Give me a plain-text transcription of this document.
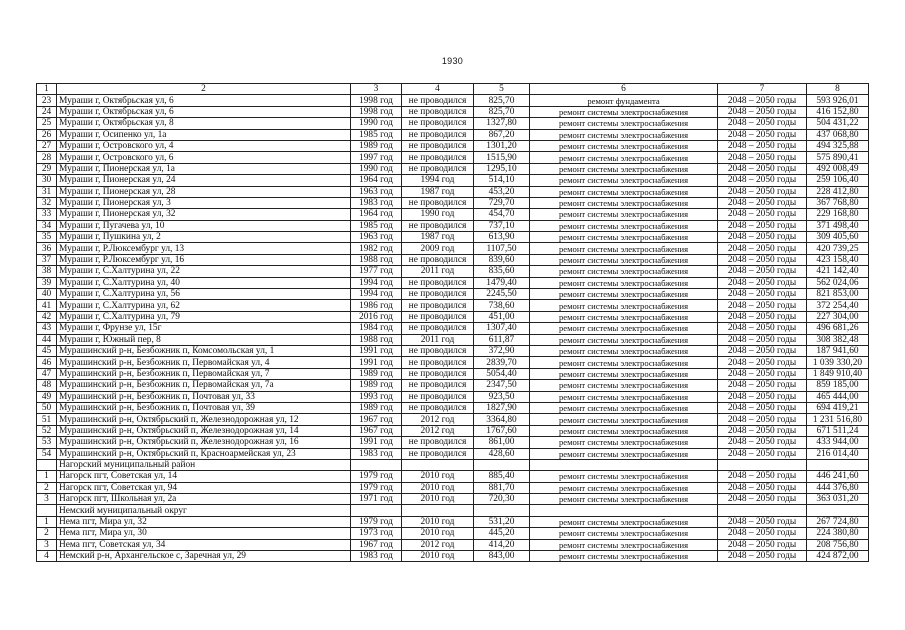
1930
1	2	3	4	5	6	7	8
23	Мураши г, Октябрьская ул, 6	1998 год	не проводился	825,70	ремонт фундамента	2048 – 2050 годы	593 926,01
24	Мураши г, Октябрьская ул, 6	1998 год	не проводился	825,70	ремонт системы электроснабжения	2048 – 2050 годы	416 152,80
25	Мураши г, Октябрьская ул, 8	1990 год	не проводился	1327,80	ремонт системы электроснабжения	2048 – 2050 годы	504 431,22
26	Мураши г, Осипенко ул, 1а	1985 год	не проводился	867,20	ремонт системы электроснабжения	2048 – 2050 годы	437 068,80
27	Мураши г, Островского ул, 4	1989 год	не проводился	1301,20	ремонт системы электроснабжения	2048 – 2050 годы	494 325,88
28	Мураши г, Островского ул, 6	1997 год	не проводился	1515,90	ремонт системы электроснабжения	2048 – 2050 годы	575 890,41
29	Мураши г, Пионерская ул, 1а	1990 год	не проводился	1295,10	ремонт системы электроснабжения	2048 – 2050 годы	492 008,49
30	Мураши г, Пионерская ул, 24	1964 год	1994 год	514,10	ремонт системы электроснабжения	2048 – 2050 годы	259 106,40
31	Мураши г, Пионерская ул, 28	1963 год	1987 год	453,20	ремонт системы электроснабжения	2048 – 2050 годы	228 412,80
32	Мураши г, Пионерская ул, 3	1983 год	не проводился	729,70	ремонт системы электроснабжения	2048 – 2050 годы	367 768,80
33	Мураши г, Пионерская ул, 32	1964 год	1990 год	454,70	ремонт системы электроснабжения	2048 – 2050 годы	229 168,80
34	Мураши г, Пугачева ул, 10	1985 год	не проводился	737,10	ремонт системы электроснабжения	2048 – 2050 годы	371 498,40
35	Мураши г, Пушкина ул, 2	1963 год	1987 год	613,90	ремонт системы электроснабжения	2048 – 2050 годы	309 405,60
36	Мураши г, Р.Люксембург ул, 13	1982 год	2009 год	1107,50	ремонт системы электроснабжения	2048 – 2050 годы	420 739,25
37	Мураши г, Р.Люксембург ул, 16	1988 год	не проводился	839,60	ремонт системы электроснабжения	2048 – 2050 годы	423 158,40
38	Мураши г, С.Халтурина ул, 22	1977 год	2011 год	835,60	ремонт системы электроснабжения	2048 – 2050 годы	421 142,40
39	Мураши г, С.Халтурина ул, 40	1994 год	не проводился	1479,40	ремонт системы электроснабжения	2048 – 2050 годы	562 024,06
40	Мураши г, С.Халтурина ул, 56	1994 год	не проводился	2245,50	ремонт системы электроснабжения	2048 – 2050 годы	821 853,00
41	Мураши г, С.Халтурина ул, 62	1986 год	не проводился	738,60	ремонт системы электроснабжения	2048 – 2050 годы	372 254,40
42	Мураши г, С.Халтурина ул, 79	2016 год	не проводился	451,00	ремонт системы электроснабжения	2048 – 2050 годы	227 304,00
43	Мураши г, Фрунзе ул, 15г	1984 год	не проводился	1307,40	ремонт системы электроснабжения	2048 – 2050 годы	496 681,26
44	Мураши г, Южный пер, 8	1988 год	2011 год	611,87	ремонт системы электроснабжения	2048 – 2050 годы	308 382,48
45	Мурашинский р-н, Безбожник п, Комсомольская ул, 1	1991 год	не проводился	372,90	ремонт системы электроснабжения	2048 – 2050 годы	187 941,60
46	Мурашинский р-н, Безбожник п, Первомайская ул, 4	1991 год	не проводился	2839,70	ремонт системы электроснабжения	2048 – 2050 годы	1 039 330,20
47	Мурашинский р-н, Безбожник п, Первомайская ул, 7	1989 год	не проводился	5054,40	ремонт системы электроснабжения	2048 – 2050 годы	1 849 910,40
48	Мурашинский р-н, Безбожник п, Первомайская ул, 7а	1989 год	не проводился	2347,50	ремонт системы электроснабжения	2048 – 2050 годы	859 185,00
49	Мурашинский р-н, Безбожник п, Почтовая ул, 33	1993 год	не проводился	923,50	ремонт системы электроснабжения	2048 – 2050 годы	465 444,00
50	Мурашинский р-н, Безбожник п, Почтовая ул, 39	1989 год	не проводился	1827,90	ремонт системы электроснабжения	2048 – 2050 годы	694 419,21
51	Мурашинский р-н, Октябрьский п, Железнодорожная ул, 12	1967 год	2012 год	3364,80	ремонт системы электроснабжения	2048 – 2050 годы	1 231 516,80
52	Мурашинский р-н, Октябрьский п, Железнодорожная ул, 14	1967 год	2012 год	1767,60	ремонт системы электроснабжения	2048 – 2050 годы	671 511,24
53	Мурашинский р-н, Октябрьский п, Железнодорожная ул, 16	1991 год	не проводился	861,00	ремонт системы электроснабжения	2048 – 2050 годы	433 944,00
54	Мурашинский р-н, Октябрьский п, Красноармейская ул, 23	1983 год	не проводился	428,60	ремонт системы электроснабжения	2048 – 2050 годы	216 014,40
	Нагорский муниципальный район						
1	Нагорск пгт, Советская ул, 14	1979 год	2010 год	885,40	ремонт системы электроснабжения	2048 – 2050 годы	446 241,60
2	Нагорск пгт, Советская ул, 94	1979 год	2010 год	881,70	ремонт системы электроснабжения	2048 – 2050 годы	444 376,80
3	Нагорск пгт, Школьная ул, 2а	1971 год	2010 год	720,30	ремонт системы электроснабжения	2048 – 2050 годы	363 031,20
	Немский муниципальный округ						
1	Нема пгт, Мира ул, 32	1979 год	2010 год	531,20	ремонт системы электроснабжения	2048 – 2050 годы	267 724,80
2	Нема пгт, Мира ул, 30	1973 год	2010 год	445,20	ремонт системы электроснабжения	2048 – 2050 годы	224 380,80
3	Нема пгт, Советская ул, 34	1967 год	2012 год	414,20	ремонт системы электроснабжения	2048 – 2050 годы	208 756,80
4	Немский р-н, Архангельское с, Заречная ул, 29	1983 год	2010 год	843,00	ремонт системы электроснабжения	2048 – 2050 годы	424 872,00
